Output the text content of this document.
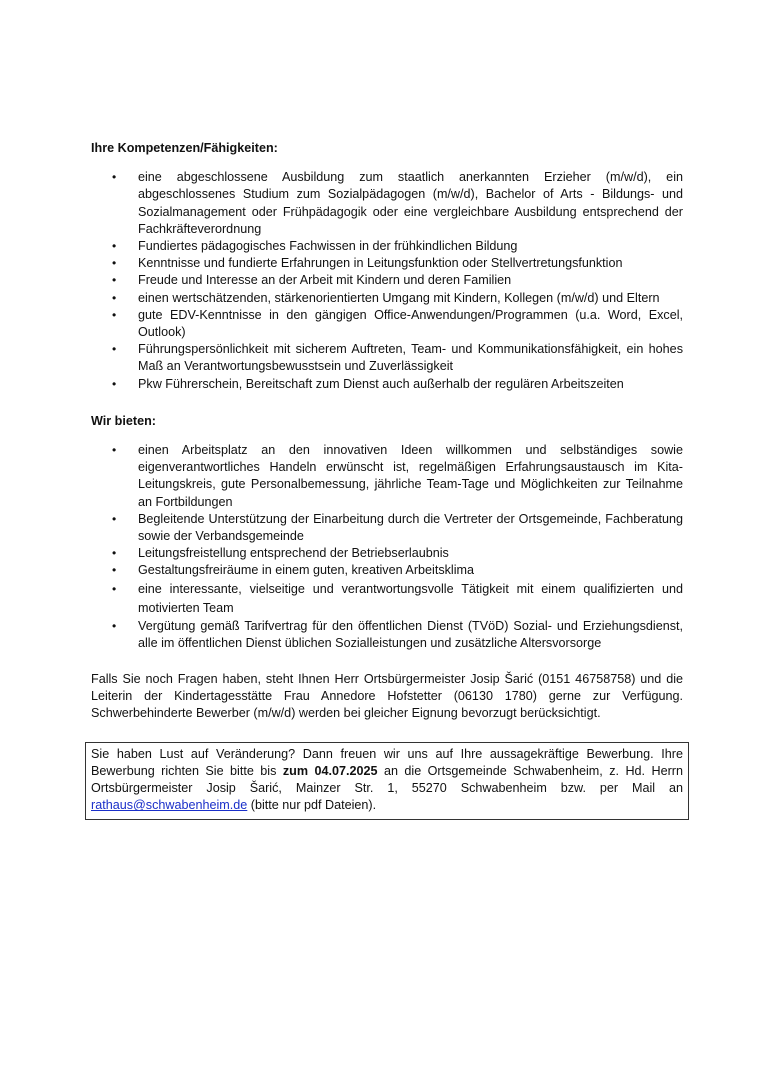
Ihre Kompetenzen/Fähigkeiten:
• eine abgeschlossene Ausbildung zum staatlich anerkannten Erzieher (m/w/d), ein abgeschlossenes Studium zum Sozialpädagogen (m/w/d), Bachelor of Arts - Bildungs- und Sozialmanagement oder Frühpädagogik oder eine vergleichbare Ausbildung entsprechend der Fachkräfteverordnung
• Fundiertes pädagogisches Fachwissen in der frühkindlichen Bildung
• Kenntnisse und fundierte Erfahrungen in Leitungsfunktion oder Stellvertretungsfunktion
• Freude und Interesse an der Arbeit mit Kindern und deren Familien
• einen wertschätzenden, stärkenorientierten Umgang mit Kindern, Kollegen (m/w/d) und Eltern
• gute EDV-Kenntnisse in den gängigen Office-Anwendungen/Programmen (u.a. Word, Excel, Outlook)
• Führungspersönlichkeit mit sicherem Auftreten, Team- und Kommunikationsfähigkeit, ein hohes Maß an Verantwortungsbewusstsein und Zuverlässigkeit
• Pkw Führerschein, Bereitschaft zum Dienst auch außerhalb der regulären Arbeitszeiten
Wir bieten:
• einen Arbeitsplatz an den innovativen Ideen willkommen und selbständiges sowie eigenverantwortliches Handeln erwünscht ist, regelmäßigen Erfahrungsaustausch im Kita-Leitungskreis, gute Personalbemessung, jährliche Team-Tage und Möglichkeiten zur Teilnahme an Fortbildungen
• Begleitende Unterstützung der Einarbeitung durch die Vertreter der Ortsgemeinde, Fachberatung sowie der Verbandsgemeinde
• Leitungsfreistellung entsprechend der Betriebserlaubnis
• Gestaltungsfreiräume in einem guten, kreativen Arbeitsklima
• eine interessante, vielseitige und verantwortungsvolle Tätigkeit mit einem qualifizierten und motivierten Team
• Vergütung gemäß Tarifvertrag für den öffentlichen Dienst (TVöD) Sozial- und Erziehungsdienst, alle im öffentlichen Dienst üblichen Sozialleistungen und zusätzliche Altersvorsorge

Falls Sie noch Fragen haben, steht Ihnen Herr Ortsbürgermeister Josip Šarić (0151 46758758) und die Leiterin der Kindertagesstätte Frau Annedore Hofstetter (06130 1780) gerne zur Verfügung. Schwerbehinderte Bewerber (m/w/d) werden bei gleicher Eignung bevorzugt berücksichtigt.

Sie haben Lust auf Veränderung? Dann freuen wir uns auf Ihre aussagekräftige Bewerbung. Ihre Bewerbung richten Sie bitte bis zum 04.07.2025 an die Ortsgemeinde Schwabenheim, z. Hd. Herrn Ortsbürgermeister Josip Šarić, Mainzer Str. 1, 55270 Schwabenheim bzw. per Mail an rathaus@schwabenheim.de (bitte nur pdf Dateien).
